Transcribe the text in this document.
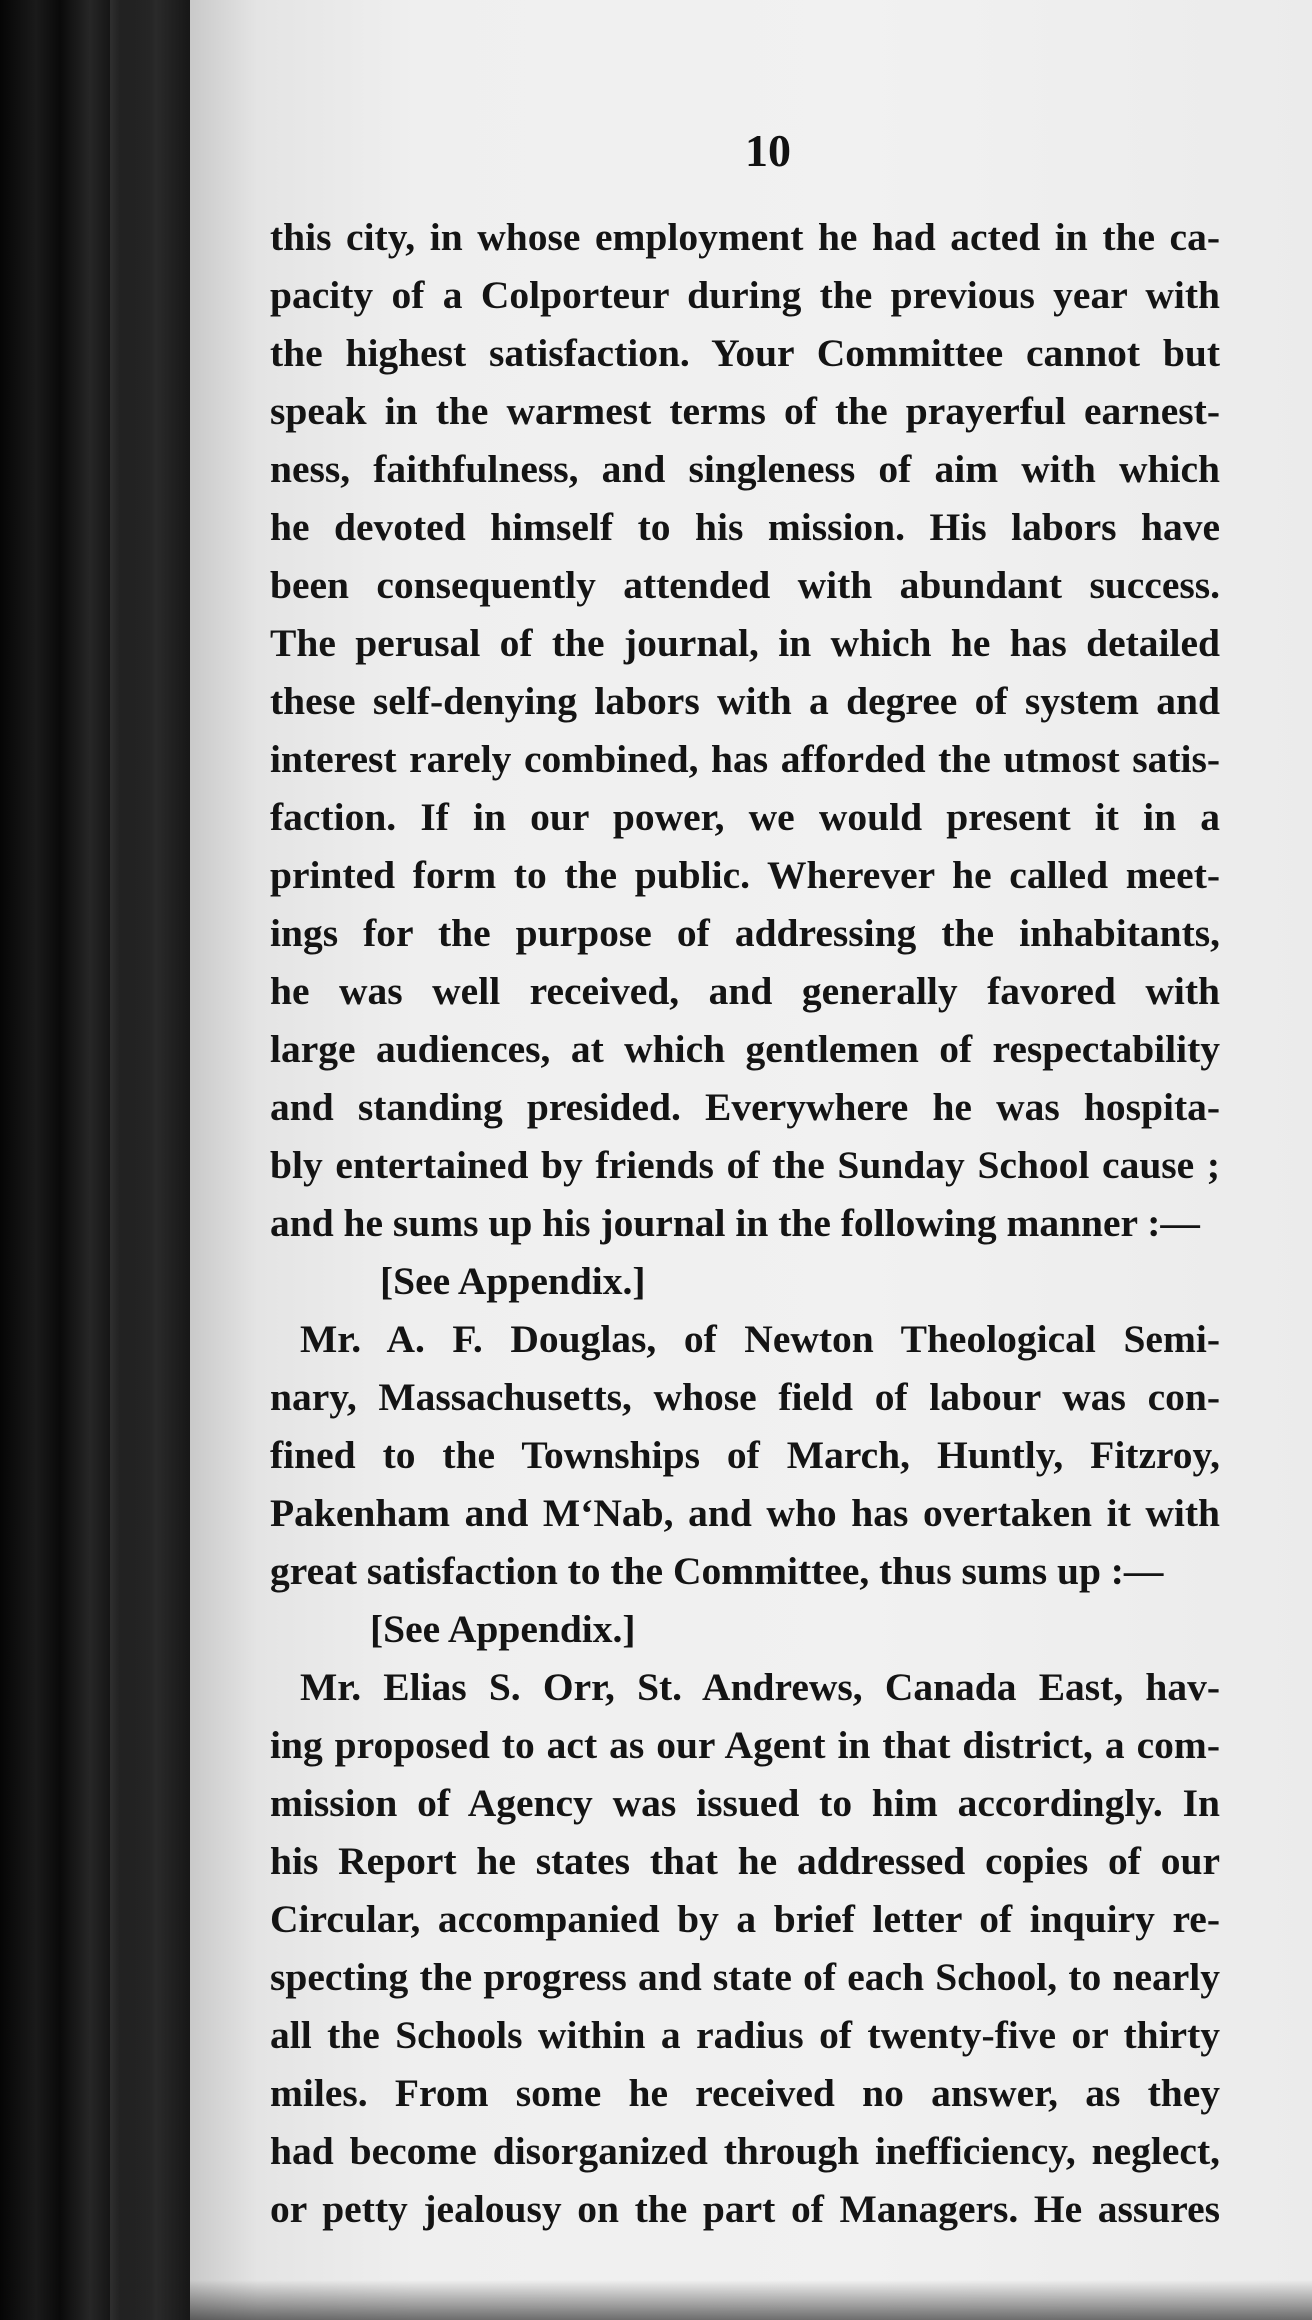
10

this city, in whose employment he had acted in the ca-
pacity of a Colporteur during the previous year with
the highest satisfaction. Your Committee cannot but
speak in the warmest terms of the prayerful earnest-
ness, faithfulness, and singleness of aim with which
he devoted himself to his mission. His labors have
been consequently attended with abundant success.
The perusal of the journal, in which he has detailed
these self-denying labors with a degree of system and
interest rarely combined, has afforded the utmost satis-
faction. If in our power, we would present it in a
printed form to the public. Wherever he called meet-
ings for the purpose of addressing the inhabitants,
he was well received, and generally favored with
large audiences, at which gentlemen of respectability
and standing presided. Everywhere he was hospita-
bly entertained by friends of the Sunday School cause ;
and he sums up his journal in the following manner :—
[See Appendix.]
Mr. A. F. Douglas, of Newton Theological Semi-
nary, Massachusetts, whose field of labour was con-
fined to the Townships of March, Huntly, Fitzroy,
Pakenham and M‘Nab, and who has overtaken it with
great satisfaction to the Committee, thus sums up :—
[See Appendix.]
Mr. Elias S. Orr, St. Andrews, Canada East, hav-
ing proposed to act as our Agent in that district, a com-
mission of Agency was issued to him accordingly. In
his Report he states that he addressed copies of our
Circular, accompanied by a brief letter of inquiry re-
specting the progress and state of each School, to nearly
all the Schools within a radius of twenty-five or thirty
miles. From some he received no answer, as they
had become disorganized through inefficiency, neglect,
or petty jealousy on the part of Managers. He assures
